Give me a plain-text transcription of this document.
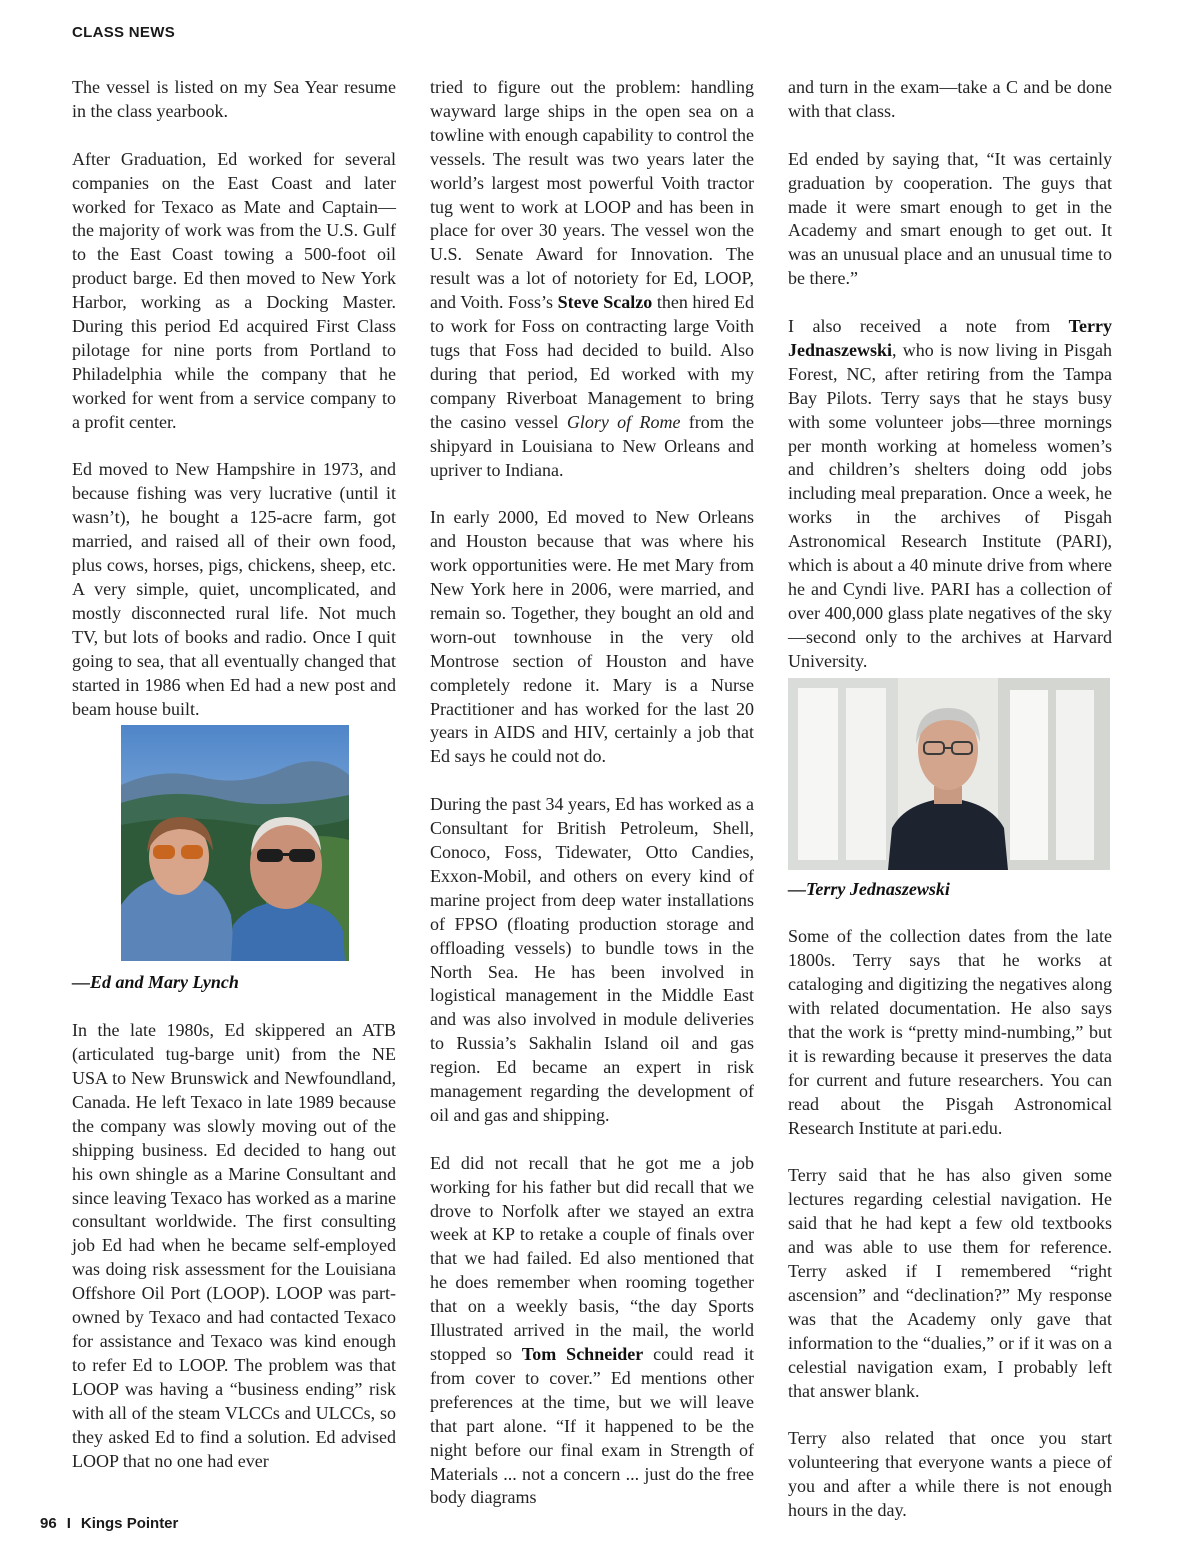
CLASS NEWS

The vessel is listed on my Sea Year resume in the class yearbook.

After Graduation, Ed worked for several companies on the East Coast and later worked for Texaco as Mate and Captain—the majority of work was from the U.S. Gulf to the East Coast towing a 500-foot oil product barge. Ed then moved to New York Harbor, working as a Docking Master. During this period Ed acquired First Class pilotage for nine ports from Portland to Philadelphia while the company that he worked for went from a service company to a profit center.

Ed moved to New Hampshire in 1973, and because fishing was very lucrative (until it wasn’t), he bought a 125-acre farm, got married, and raised all of their own food, plus cows, horses, pigs, chickens, sheep, etc. A very simple, quiet, uncomplicated, and mostly disconnected rural life. Not much TV, but lots of books and radio. Once I quit going to sea, that all eventually changed that started in 1986 when Ed had a new post and beam house built.

—Ed and Mary Lynch

In the late 1980s, Ed skippered an ATB (articulated tug-barge unit) from the NE USA to New Brunswick and Newfoundland, Canada. He left Texaco in late 1989 because the company was slowly moving out of the shipping business. Ed decided to hang out his own shingle as a Marine Consultant and since leaving Texaco has worked as a marine consultant worldwide. The first consulting job Ed had when he became self-employed was doing risk assessment for the Louisiana Offshore Oil Port (LOOP). LOOP was part-owned by Texaco and had contacted Texaco for assistance and Texaco was kind enough to refer Ed to LOOP. The problem was that LOOP was having a “business ending” risk with all of the steam VLCCs and ULCCs, so they asked Ed to find a solution. Ed advised LOOP that no one had ever

tried to figure out the problem: handling wayward large ships in the open sea on a towline with enough capability to control the vessels. The result was two years later the world’s largest most powerful Voith tractor tug went to work at LOOP and has been in place for over 30 years. The vessel won the U.S. Senate Award for Innovation. The result was a lot of notoriety for Ed, LOOP, and Voith. Foss’s Steve Scalzo then hired Ed to work for Foss on contracting large Voith tugs that Foss had decided to build. Also during that period, Ed worked with my company Riverboat Management to bring the casino vessel Glory of Rome from the shipyard in Louisiana to New Orleans and upriver to Indiana.

In early 2000, Ed moved to New Orleans and Houston because that was where his work opportunities were. He met Mary from New York here in 2006, were married, and remain so. Together, they bought an old and worn-out townhouse in the very old Montrose section of Houston and have completely redone it. Mary is a Nurse Practitioner and has worked for the last 20 years in AIDS and HIV, certainly a job that Ed says he could not do.

During the past 34 years, Ed has worked as a Consultant for British Petroleum, Shell, Conoco, Foss, Tidewater, Otto Candies, Exxon-Mobil, and others on every kind of marine project from deep water installations of FPSO (floating production storage and offloading vessels) to bundle tows in the North Sea. He has been involved in logistical management in the Middle East and was also involved in module deliveries to Russia’s Sakhalin Island oil and gas region. Ed became an expert in risk management regarding the development of oil and gas and shipping.

Ed did not recall that he got me a job working for his father but did recall that we drove to Norfolk after we stayed an extra week at KP to retake a couple of finals over that we had failed. Ed also mentioned that he does remember when rooming together that on a weekly basis, “the day Sports Illustrated arrived in the mail, the world stopped so Tom Schneider could read it from cover to cover.” Ed mentions other preferences at the time, but we will leave that part alone. “If it happened to be the night before our final exam in Strength of Materials ... not a concern ... just do the free body diagrams

and turn in the exam—take a C and be done with that class.

Ed ended by saying that, “It was certainly graduation by cooperation. The guys that made it were smart enough to get in the Academy and smart enough to get out. It was an unusual place and an unusual time to be there.”

I also received a note from Terry Jednaszewski, who is now living in Pisgah Forest, NC, after retiring from the Tampa Bay Pilots. Terry says that he stays busy with some volunteer jobs—three mornings per month working at homeless women’s and children’s shelters doing odd jobs including meal preparation. Once a week, he works in the archives of Pisgah Astronomical Research Institute (PARI), which is about a 40 minute drive from where he and Cyndi live. PARI has a collection of over 400,000 glass plate negatives of the sky—second only to the archives at Harvard University.

—Terry Jednaszewski

Some of the collection dates from the late 1800s. Terry says that he works at cataloging and digitizing the negatives along with related documentation. He also says that the work is “pretty mind-numbing,” but it is rewarding because it preserves the data for current and future researchers. You can read about the Pisgah Astronomical Research Institute at pari.edu.

Terry said that he has also given some lectures regarding celestial navigation. He said that he had kept a few old textbooks and was able to use them for reference. Terry asked if I remembered “right ascension” and “declination?” My response was that the Academy only gave that information to the “dualies,” or if it was on a celestial navigation exam, I probably left that answer blank.

Terry also related that once you start volunteering that everyone wants a piece of you and after a while there is not enough hours in the day.

96 I Kings Pointer
